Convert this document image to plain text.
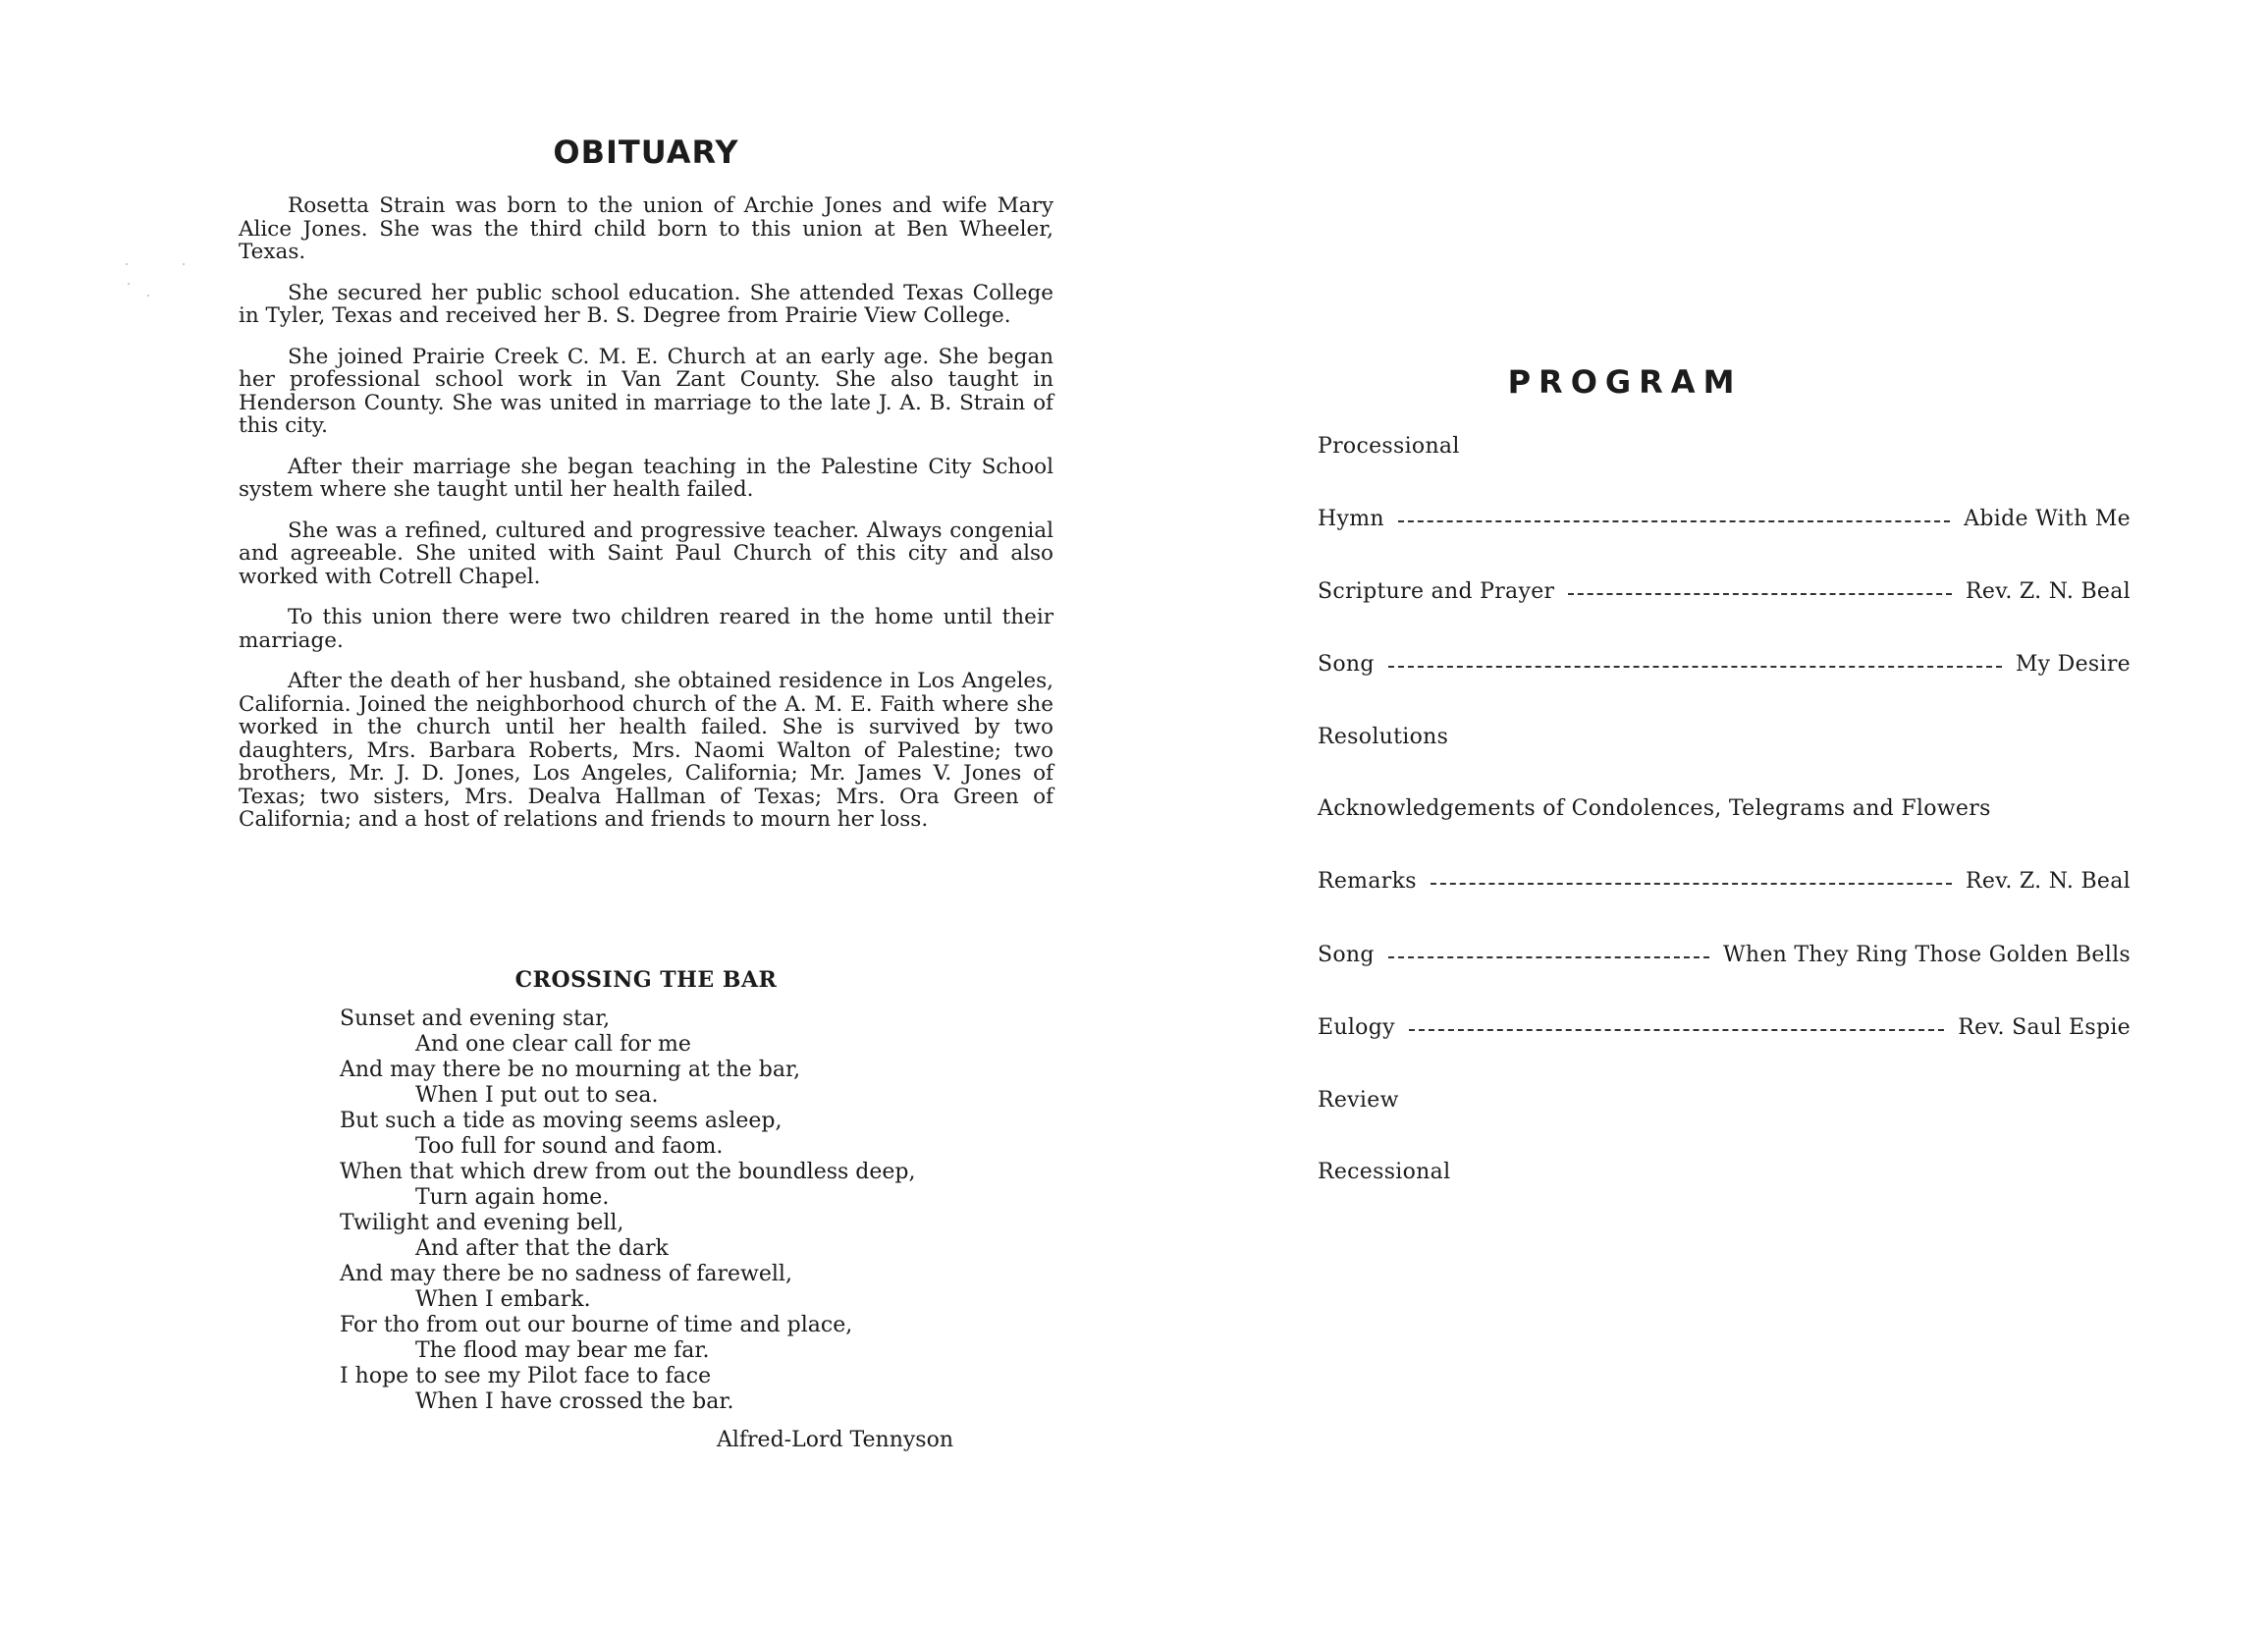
OBITUARY

Rosetta Strain was born to the union of Archie Jones and wife Mary Alice Jones. She was the third child born to this union at Ben Wheeler, Texas.

She secured her public school education. She attended Texas College in Tyler, Texas and received her B. S. Degree from Prairie View College.

She joined Prairie Creek C. M. E. Church at an early age. She began her professional school work in Van Zant County. She also taught in Henderson County. She was united in marriage to the late J. A. B. Strain of this city.

After their marriage she began teaching in the Palestine City School system where she taught until her health failed.

She was a refined, cultured and progressive teacher. Always congenial and agreeable. She united with Saint Paul Church of this city and also worked with Cotrell Chapel.

To this union there were two children reared in the home until their marriage.

After the death of her husband, she obtained residence in Los Angeles, California. Joined the neighborhood church of the A. M. E. Faith where she worked in the church until her health failed. She is survived by two daughters, Mrs. Barbara Roberts, Mrs. Naomi Walton of Palestine; two brothers, Mr. J. D. Jones, Los Angeles, California; Mr. James V. Jones of Texas; two sisters, Mrs. Dealva Hallman of Texas; Mrs. Ora Green of California; and a host of relations and friends to mourn her loss.

CROSSING THE BAR
Sunset and evening star,
And one clear call for me
And may there be no mourning at the bar,
When I put out to sea.
But such a tide as moving seems asleep,
Too full for sound and faom.
When that which drew from out the boundless deep,
Turn again home.
Twilight and evening bell,
And after that the dark
And may there be no sadness of farewell,
When I embark.
For tho from out our bourne of time and place,
The flood may bear me far.
I hope to see my Pilot face to face
When I have crossed the bar.
Alfred-Lord Tennyson
PROGRAM
Processional
Hymn	Abide With Me
Scripture and Prayer	Rev. Z. N. Beal
Song	My Desire
Resolutions
Acknowledgements of Condolences, Telegrams and Flowers
Remarks	Rev. Z. N. Beal
Song	When They Ring Those Golden Bells
Eulogy	Rev. Saul Espie
Review
Recessional
